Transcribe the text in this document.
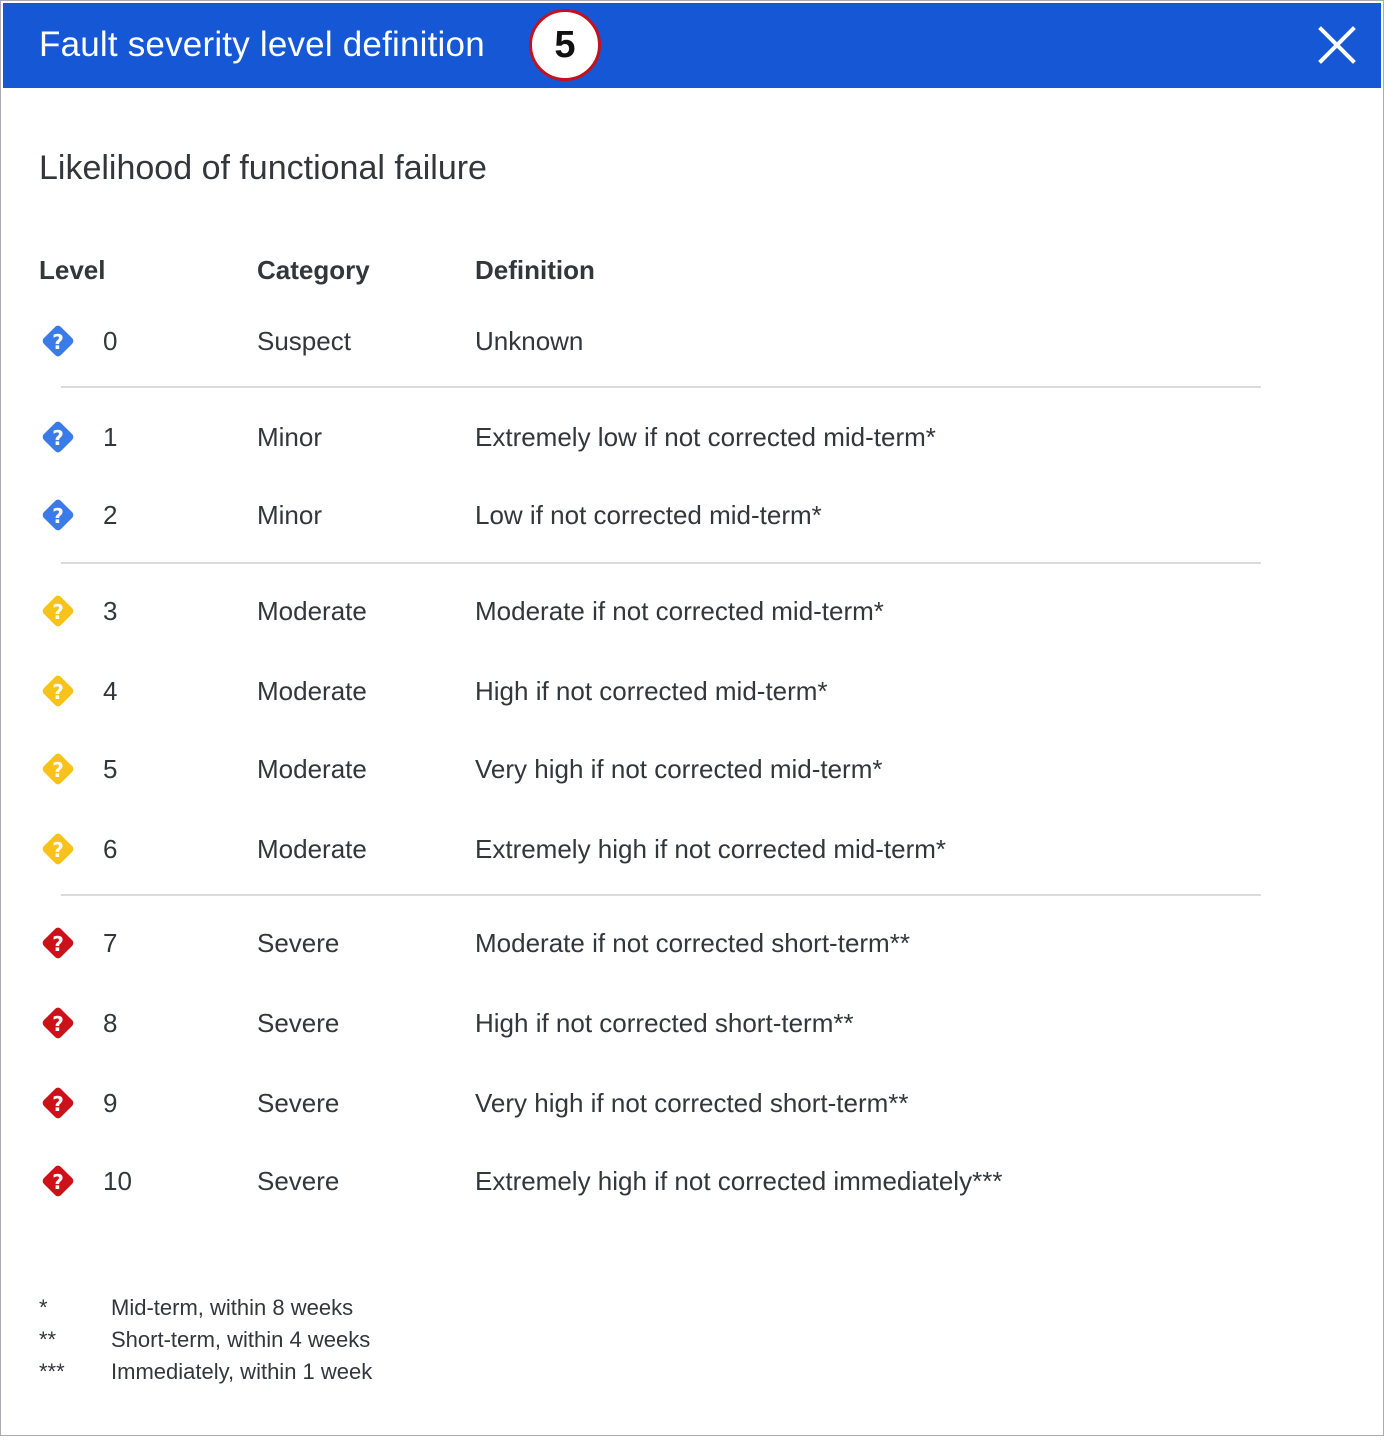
Fault severity level definition	5
Likelihood of functional failure
Level	Category	Definition
? 0	Suspect	Unknown
? 1	Minor	Extremely low if not corrected mid-term*
? 2	Minor	Low if not corrected mid-term*
? 3	Moderate	Moderate if not corrected mid-term*
? 4	Moderate	High if not corrected mid-term*
? 5	Moderate	Very high if not corrected mid-term*
? 6	Moderate	Extremely high if not corrected mid-term*
? 7	Severe	Moderate if not corrected short-term**
? 8	Severe	High if not corrected short-term**
? 9	Severe	Very high if not corrected short-term**
? 10	Severe	Extremely high if not corrected immediately***
*	Mid-term, within 8 weeks
** Short-term, within 4 weeks
*** Immediately, within 1 week
